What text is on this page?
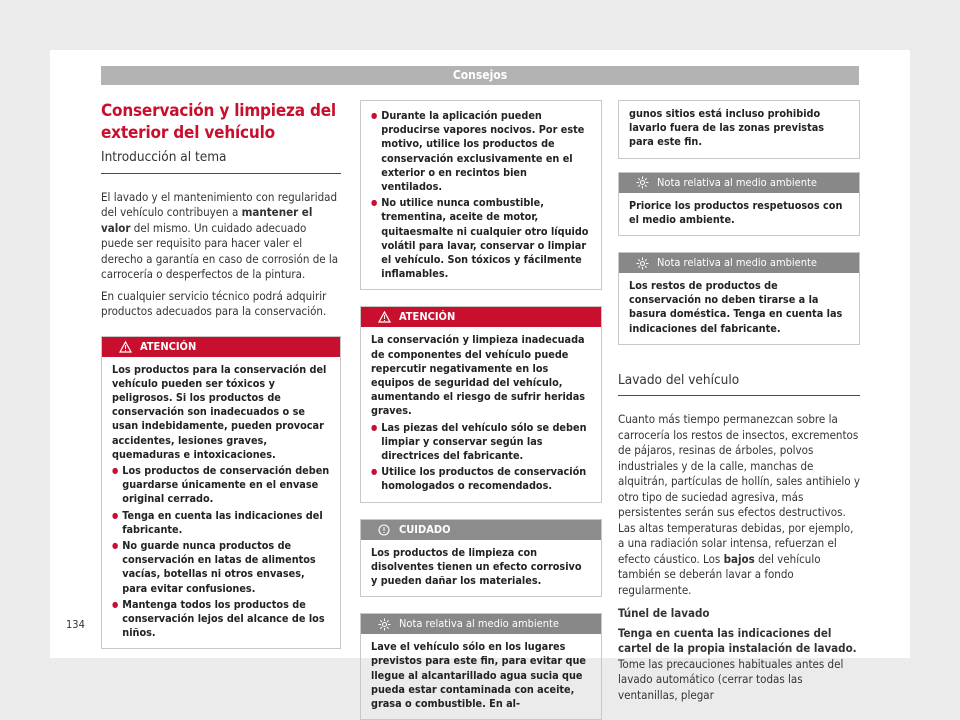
Consejos
Conservación y limpieza del exterior del vehículo
Introducción al tema

El lavado y el mantenimiento con regularidad del vehículo contribuyen a mantener el valor del mismo. Un cuidado adecuado puede ser requisito para hacer valer el derecho a garantía en caso de corrosión de la carrocería o desperfectos de la pintura.

En cualquier servicio técnico podrá adquirir productos adecuados para la conservación.

ATENCIÓN

Los productos para la conservación del vehículo pueden ser tóxicos y peligrosos. Si los productos de conservación son inadecuados o se usan indebidamente, pueden provocar accidentes, lesiones graves, quemaduras e intoxicaciones.

● Los productos de conservación deben guardarse únicamente en el envase original cerrado.
● Tenga en cuenta las indicaciones del fabricante.
● No guarde nunca productos de conservación en latas de alimentos vacías, botellas ni otros envases, para evitar confusiones.
● Mantenga todos los productos de conservación lejos del alcance de los niños.
● Durante la aplicación pueden producirse vapores nocivos. Por este motivo, utilice los productos de conservación exclusivamente en el exterior o en recintos bien ventilados.
● No utilice nunca combustible, trementina, aceite de motor, quitaesmalte ni cualquier otro líquido volátil para lavar, conservar o limpiar el vehículo. Son tóxicos y fácilmente inflamables.
ATENCIÓN

La conservación y limpieza inadecuada de componentes del vehículo puede repercutir negativamente en los equipos de seguridad del vehículo, aumentando el riesgo de sufrir heridas graves.

● Las piezas del vehículo sólo se deben limpiar y conservar según las directrices del fabricante.
● Utilice los productos de conservación homologados o recomendados.
CUIDADO
Los productos de limpieza con disolventes tienen un efecto corrosivo y pueden dañar los materiales.
Nota relativa al medio ambiente
Lave el vehículo sólo en los lugares previstos para este fin, para evitar que llegue al alcantarillado agua sucia que pueda estar contaminada con aceite, grasa o combustible. En al-
gunos sitios está incluso prohibido lavarlo fuera de las zonas previstas para este fin.
Nota relativa al medio ambiente
Priorice los productos respetuosos con el medio ambiente.
Nota relativa al medio ambiente
Los restos de productos de conservación no deben tirarse a la basura doméstica. Tenga en cuenta las indicaciones del fabricante.
Lavado del vehículo

Cuanto más tiempo permanezcan sobre la carrocería los restos de insectos, excrementos de pájaros, resinas de árboles, polvos industriales y de la calle, manchas de alquitrán, partículas de hollín, sales antihielo y otro tipo de suciedad agresiva, más persistentes serán sus efectos destructivos. Las altas temperaturas debidas, por ejemplo, a una radiación solar intensa, refuerzan el efecto cáustico. Los bajos del vehículo también se deberán lavar a fondo regularmente.

Túnel de lavado

Tenga en cuenta las indicaciones del cartel de la propia instalación de lavado. Tome las precauciones habituales antes del lavado automático (cerrar todas las ventanillas, plegar

134
